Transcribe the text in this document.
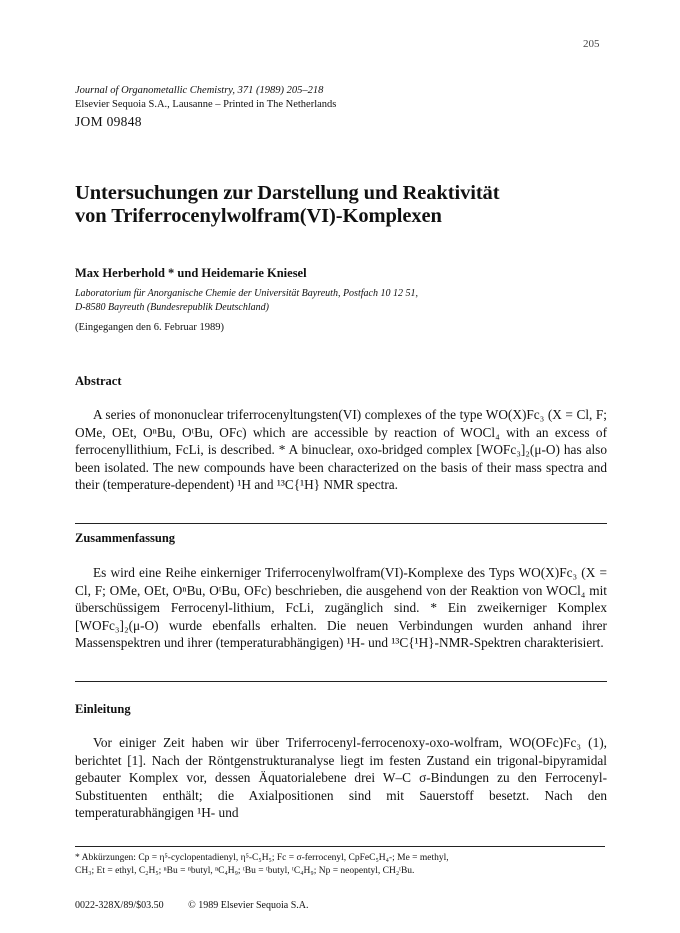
205
Journal of Organometallic Chemistry, 371 (1989) 205–218
Elsevier Sequoia S.A., Lausanne – Printed in The Netherlands
JOM 09848
Untersuchungen zur Darstellung und Reaktivität
von Triferrocenylwolfram(VI)-Komplexen
Max Herberhold * und Heidemarie Kniesel
Laboratorium für Anorganische Chemie der Universität Bayreuth, Postfach 10 12 51,
D-8580 Bayreuth (Bundesrepublik Deutschland)
(Eingegangen den 6. Februar 1989)
Abstract

A series of mononuclear triferrocenyltungsten(VI) complexes of the type WO(X)Fc₃ (X = Cl, F; OMe, OEt, OⁿBu, OᵗBu, OFc) which are accessible by reaction of WOCl₄ with an excess of ferrocenyllithium, FcLi, is described. * A binuclear, oxo-bridged complex [WOFc₃]₂(μ-O) has also been isolated. The new compounds have been characterized on the basis of their mass spectra and their (temperature-dependent) ¹H and ¹³C{¹H} NMR spectra.

Zusammenfassung

Es wird eine Reihe einkerniger Triferrocenylwolfram(VI)-Komplexe des Typs WO(X)Fc₃ (X = Cl, F; OMe, OEt, OⁿBu, OᵗBu, OFc) beschrieben, die ausgehend von der Reaktion von WOCl₄ mit überschüssigem Ferrocenyl-lithium, FcLi, zugänglich sind. * Ein zweikerniger Komplex [WOFc₃]₂(μ-O) wurde ebenfalls erhalten. Die neuen Verbindungen wurden anhand ihrer Massenspektren und ihrer (temperaturabhängigen) ¹H- und ¹³C{¹H}-NMR-Spektren charakterisiert.

Einleitung

Vor einiger Zeit haben wir über Triferrocenyl-ferrocenoxy-oxo-wolfram, WO(OFc)Fc₃ (1), berichtet [1]. Nach der Röntgenstrukturanalyse liegt im festen Zustand ein trigonal-bipyramidal gebauter Komplex vor, dessen Äquatorialebene drei W–C σ-Bindungen zu den Ferrocenyl-Substituenten enthält; die Axialpositionen sind mit Sauerstoff besetzt. Nach den temperaturabhängigen ¹H- und

* Abkürzungen: Cp = η⁵-cyclopentadienyl, η⁵-C₅H₅; Fc = σ-ferrocenyl, CpFeC₅H₄-; Me = methyl,
CH₃; Et = ethyl, C₂H₅; ⁿBu = ⁿbutyl, ⁿC₄H₉; ᵗBu = ᵗbutyl, ᵗC₄H₉; Np = neopentyl, CH₂ᵗBu.
0022-328X/89/$03.50 © 1989 Elsevier Sequoia S.A.
